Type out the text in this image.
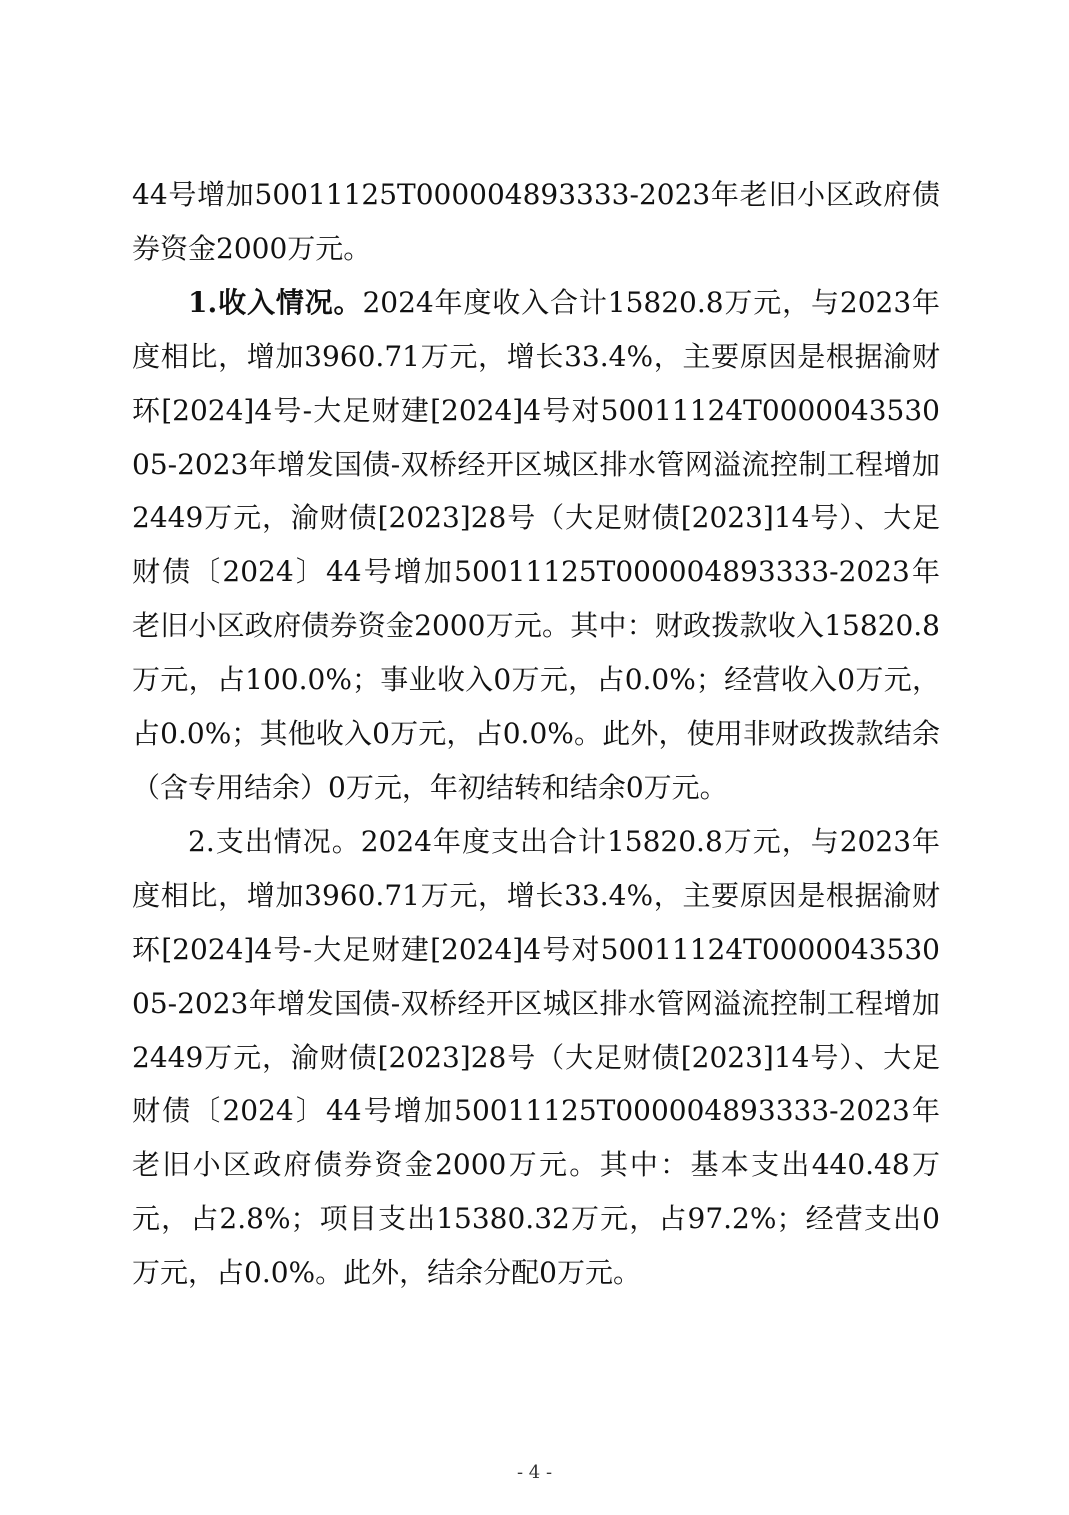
44号增加50011125T000004893333-2023年老旧小区政府债券资金2000万元。

1.收入情况。2024年度收入合计15820.8万元，与2023年度相比，增加3960.71万元，增长33.4%，主要原因是根据渝财环[2024]4号-大足财建[2024]4号对50011124T000004353005-2023年增发国债-双桥经开区城区排水管网溢流控制工程增加2449万元，渝财债[2023]28号（大足财债[2023]14号）、大足财债〔2024〕44号增加50011125T000004893333-2023年老旧小区政府债券资金2000万元。其中：财政拨款收入15820.8万元，占100.0%；事业收入0万元，占0.0%；经营收入0万元，占0.0%；其他收入0万元，占0.0%。此外，使用非财政拨款结余（含专用结余）0万元，年初结转和结余0万元。

2.支出情况。2024年度支出合计15820.8万元，与2023年度相比，增加3960.71万元，增长33.4%，主要原因是根据渝财环[2024]4号-大足财建[2024]4号对50011124T000004353005-2023年增发国债-双桥经开区城区排水管网溢流控制工程增加2449万元，渝财债[2023]28号（大足财债[2023]14号）、大足财债〔2024〕44号增加50011125T000004893333-2023年老旧小区政府债券资金2000万元。其中：基本支出440.48万元，占2.8%；项目支出15380.32万元，占97.2%；经营支出0万元，占0.0%。此外，结余分配0万元。

- 4 -
